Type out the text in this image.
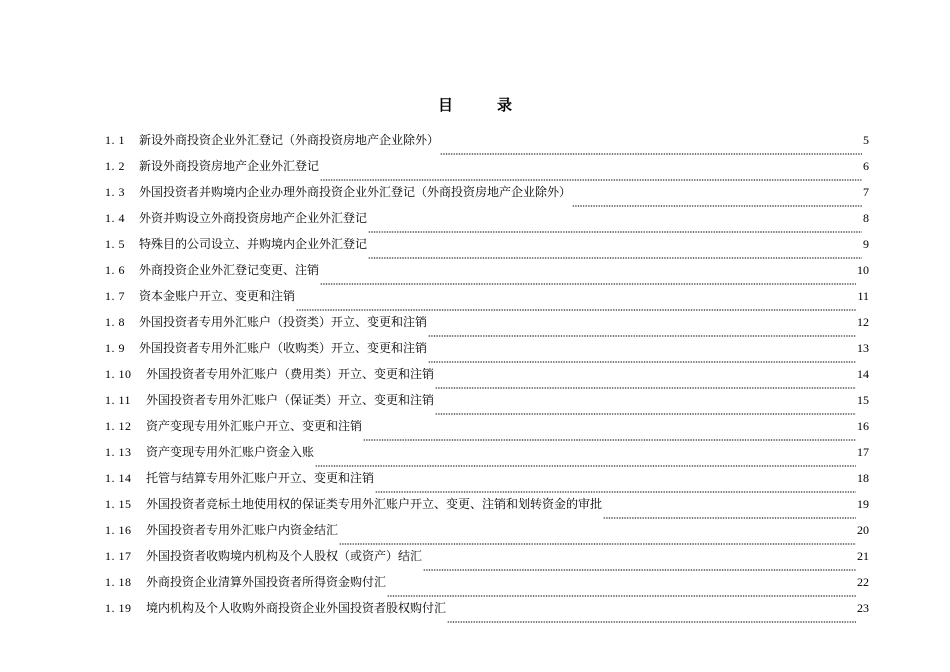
目	录
1. 1	新设外商投资企业外汇登记（外商投资房地产企业除外）	5
1. 2	新设外商投资房地产企业外汇登记	6
1. 3	外国投资者并购境内企业办理外商投资企业外汇登记（外商投资房地产企业除外）	7
1. 4	外资并购设立外商投资房地产企业外汇登记	8
1. 5	特殊目的公司设立、并购境内企业外汇登记	9
1. 6	外商投资企业外汇登记变更、注销	10
1. 7	资本金账户开立、变更和注销	11
1. 8	外国投资者专用外汇账户（投资类）开立、变更和注销	12
1. 9	外国投资者专用外汇账户（收购类）开立、变更和注销	13
1. 10	外国投资者专用外汇账户（费用类）开立、变更和注销	14
1. 11	外国投资者专用外汇账户（保证类）开立、变更和注销	15
1. 12	资产变现专用外汇账户开立、变更和注销	16
1. 13	资产变现专用外汇账户资金入账	17
1. 14	托管与结算专用外汇账户开立、变更和注销	18
1. 15	外国投资者竞标土地使用权的保证类专用外汇账户开立、变更、注销和划转资金的审批	19
1. 16	外国投资者专用外汇账户内资金结汇	20
1. 17	外国投资者收购境内机构及个人股权（或资产）结汇	21
1. 18	外商投资企业清算外国投资者所得资金购付汇	22
1. 19	境内机构及个人收购外商投资企业外国投资者股权购付汇	23
